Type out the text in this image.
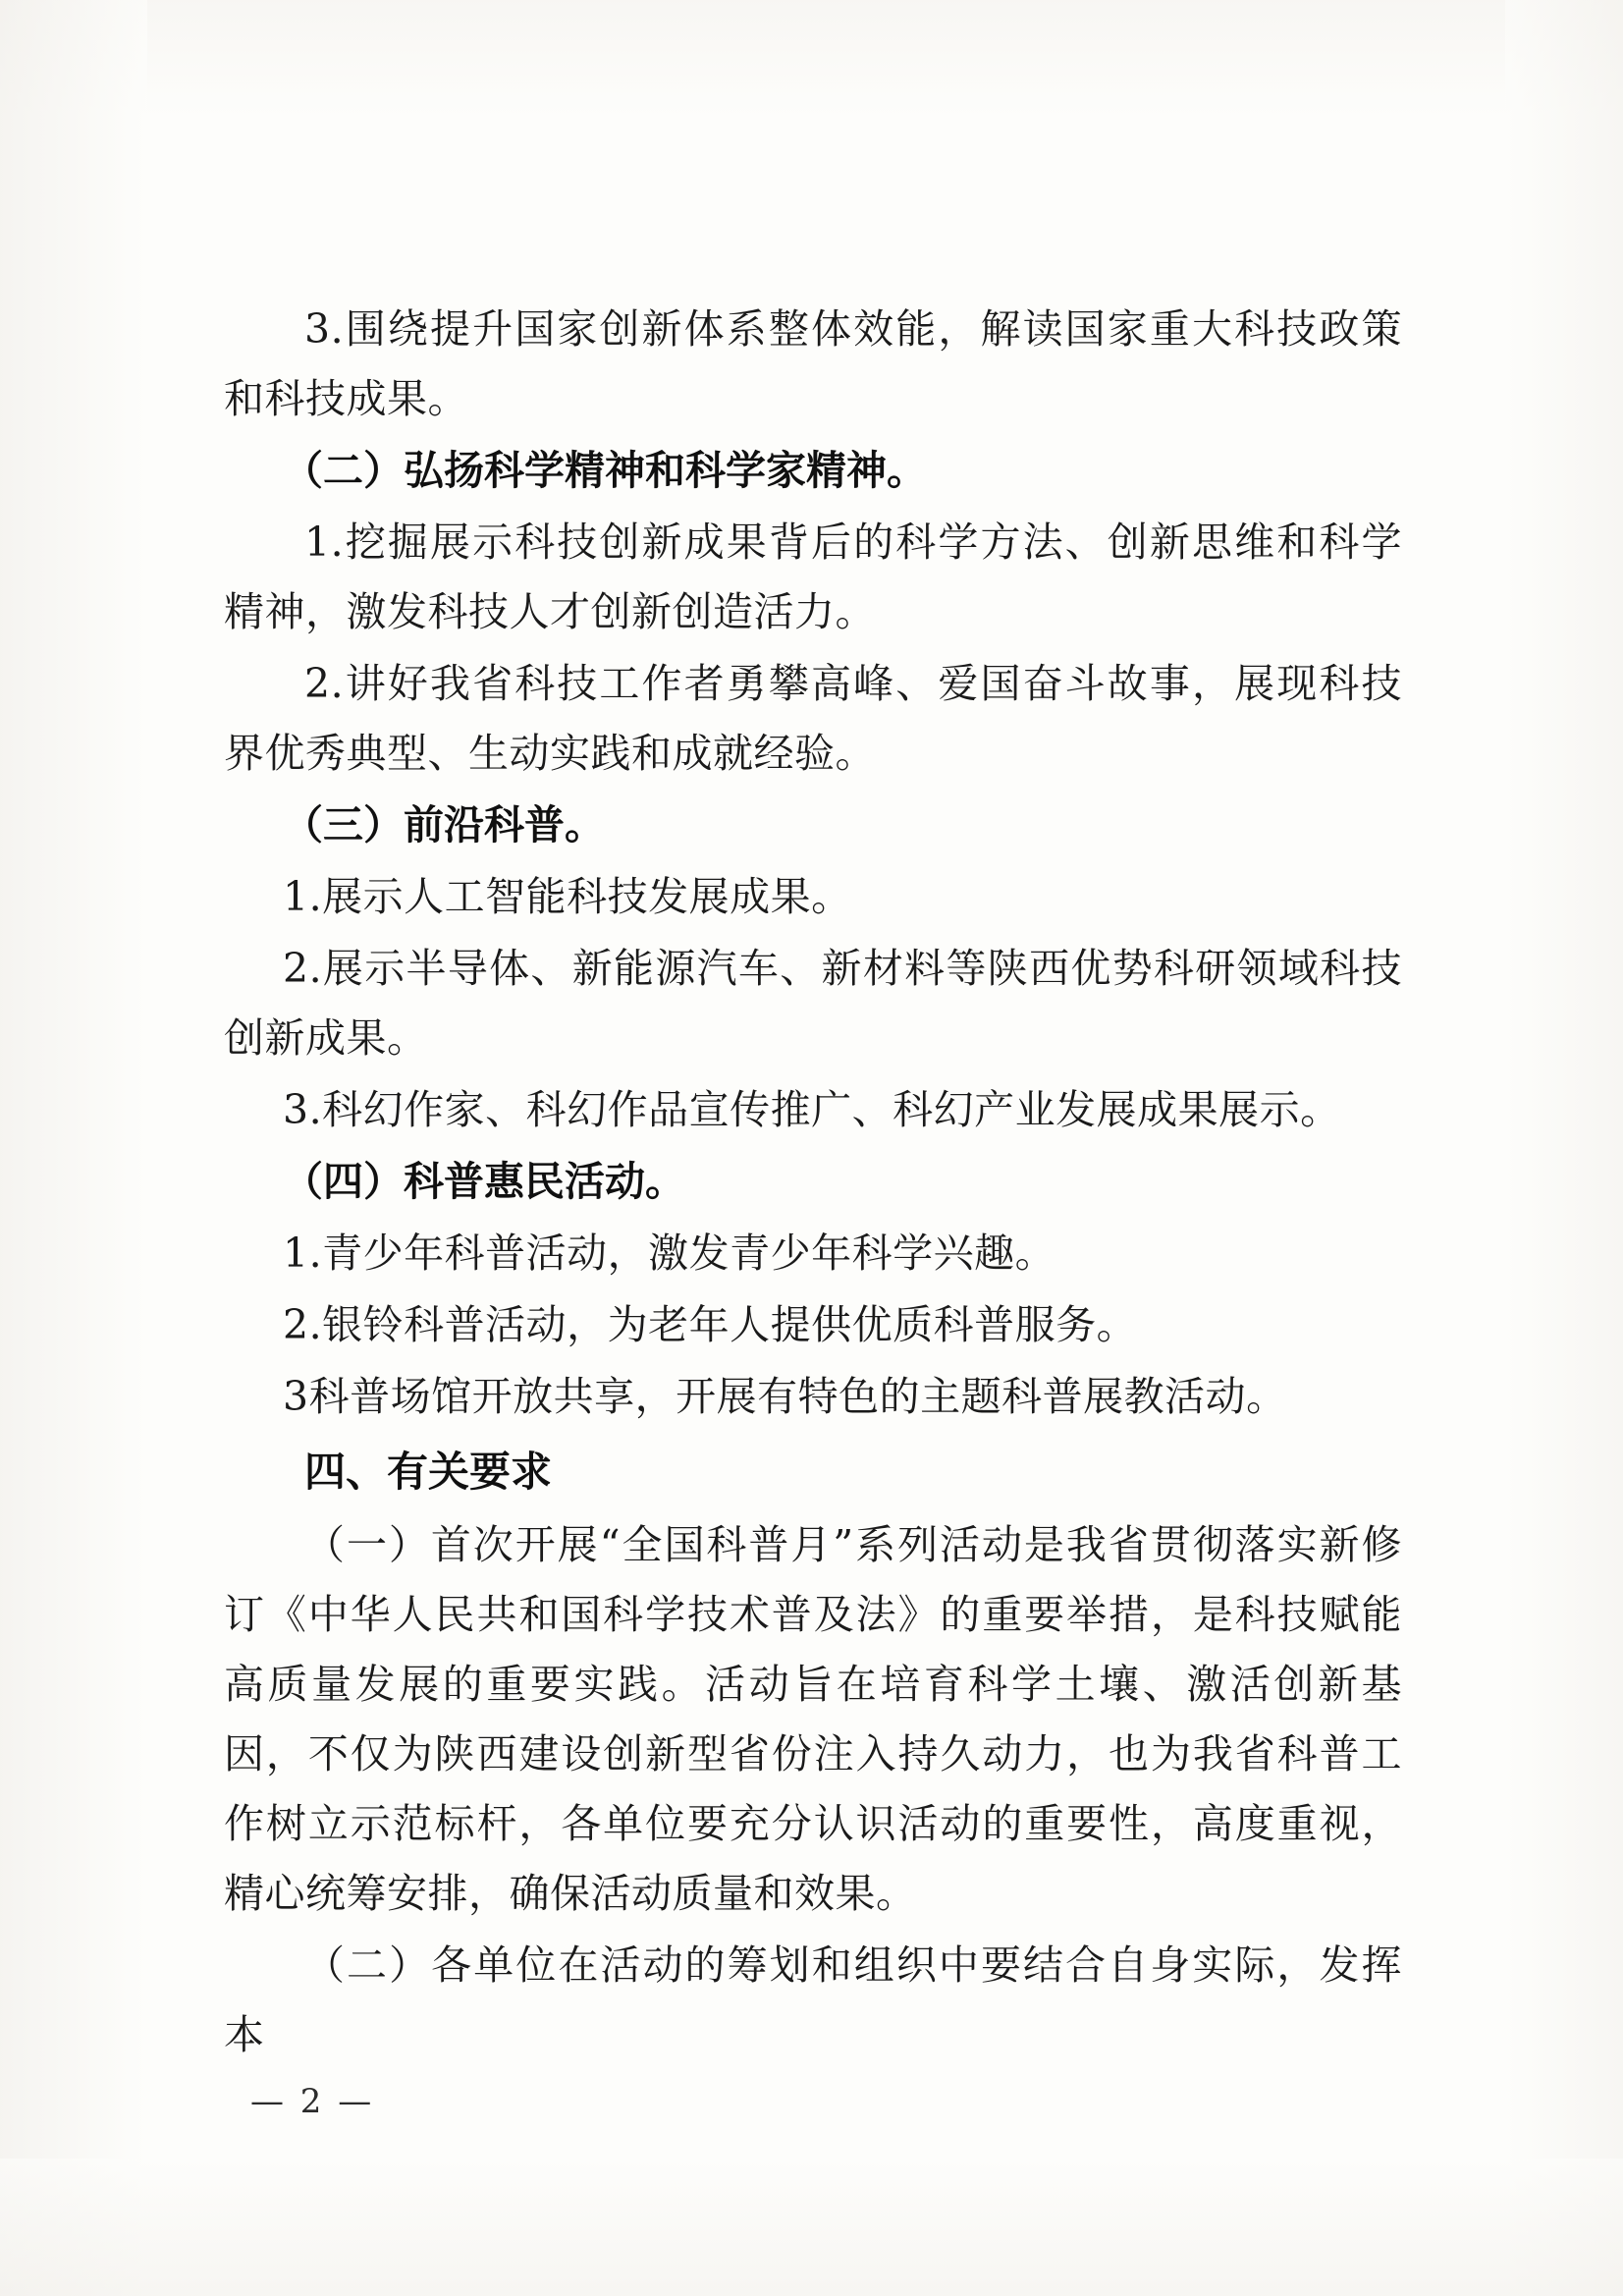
3.围绕提升国家创新体系整体效能，解读国家重大科技政策和科技成果。

（二）弘扬科学精神和科学家精神。

1.挖掘展示科技创新成果背后的科学方法、创新思维和科学精神，激发科技人才创新创造活力。

2.讲好我省科技工作者勇攀高峰、爱国奋斗故事，展现科技界优秀典型、生动实践和成就经验。

（三）前沿科普。

1.展示人工智能科技发展成果。

2.展示半导体、新能源汽车、新材料等陕西优势科研领域科技创新成果。

3.科幻作家、科幻作品宣传推广、科幻产业发展成果展示。

（四）科普惠民活动。

1.青少年科普活动，激发青少年科学兴趣。

2.银铃科普活动，为老年人提供优质科普服务。

3科普场馆开放共享，开展有特色的主题科普展教活动。

四、有关要求

（一）首次开展“全国科普月”系列活动是我省贯彻落实新修订《中华人民共和国科学技术普及法》的重要举措，是科技赋能高质量发展的重要实践。活动旨在培育科学土壤、激活创新基因，不仅为陕西建设创新型省份注入持久动力，也为我省科普工作树立示范标杆，各单位要充分认识活动的重要性，高度重视，精心统筹安排，确保活动质量和效果。

（二）各单位在活动的筹划和组织中要结合自身实际，发挥本

— 2 —
